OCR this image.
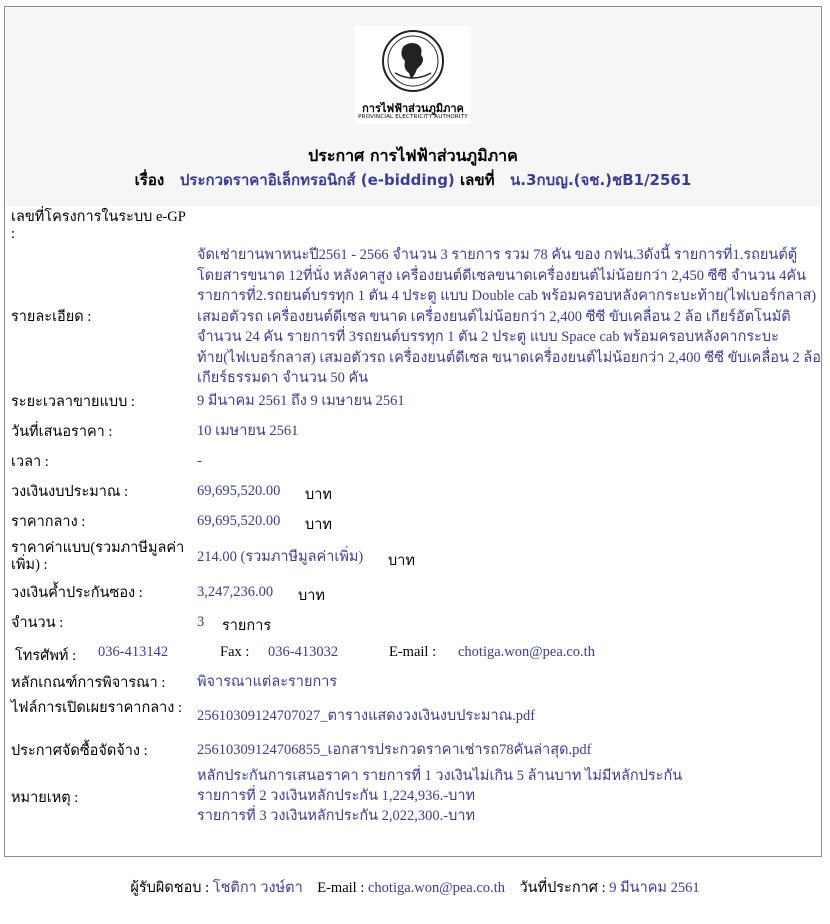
การไฟฟ้าส่วนภูมิภาค
PROVINCIAL ELECTRICITY AUTHORITY
ประกาศ การไฟฟ้าส่วนภูมิภาค
เรื่อง ประกวดราคาอิเล็กทรอนิกส์ (e-bidding) เลขที่ น.3กบญ.(จช.)ชB1/2561
เลขที่โครงการในระบบ e-GP :
รายละเอียด :
จัดเช่ายานพาหนะปี2561 - 2566 จำนวน 3 รายการ รวม 78 คัน ของ กฟน.3ดังนี้ รายการที่1.รถยนต์ตู้โดยสารขนาด 12ที่นั่ง หลังคาสูง เครื่องยนต์ดีเซลขนาดเครื่องยนต์ไม่น้อยกว่า 2,450 ซีซี จำนวน 4คัน รายการที่2.รถยนต์บรรทุก 1 ตัน 4 ประตู แบบ Double cab พร้อมครอบหลังคากระบะท้าย(ไฟเบอร์กลาส) เสมอตัวรถ เครื่องยนต์ดีเซล ขนาด เครื่องยนต์ไม่น้อยกว่า 2,400 ซีซี ขับเคลื่อน 2 ล้อ เกียร์อัตโนมัติ จำนวน 24 คัน รายการที่ 3รถยนต์บรรทุก 1 ตัน 2 ประตู แบบ Space cab พร้อมครอบหลังคากระบะท้าย(ไฟเบอร์กลาส) เสมอตัวรถ เครื่องยนต์ดีเซล ขนาดเครื่องยนต์ไม่น้อยกว่า 2,400 ซีซี ขับเคลื่อน 2 ล้อ เกียร์ธรรมดา จำนวน 50 คัน
ระยะเวลาขายแบบ :	9 มีนาคม 2561 ถึง 9 เมษายน 2561
วันที่เสนอราคา :	10 เมษายน 2561
เวลา :	-
วงเงินงบประมาณ :	69,695,520.00 บาท
ราคากลาง :	69,695,520.00 บาท
ราคาค่าแบบ(รวมภาษีมูลค่าเพิ่ม) :	214.00 (รวมภาษีมูลค่าเพิ่ม) บาท
วงเงินค้ำประกันซอง :	3,247,236.00 บาท
จำนวน :	3 รายการ
โทรศัพท์ : 036-413142	Fax : 036-413032	E-mail : chotiga.won@pea.co.th
หลักเกณฑ์การพิจารณา :	พิจารณาแต่ละรายการ
ไฟล์การเปิดเผยราคากลาง : 25610309124707027_ตารางแสดงวงเงินงบประมาณ.pdf
ประกาศจัดซื้อจัดจ้าง :	25610309124706855_เอกสารประกวดราคาเช่ารถ78คันล่าสุด.pdf
หมายเหตุ :
หลักประกันการเสนอราคา รายการที่ 1 วงเงินไม่เกิน 5 ล้านบาท ไม่มีหลักประกัน
รายการที่ 2 วงเงินหลักประกัน 1,224,936.-บาท
รายการที่ 3 วงเงินหลักประกัน 2,022,300.-บาท
ผู้รับผิดชอบ : โชติกา วงษ์ตา E-mail : chotiga.won@pea.co.th วันที่ประกาศ : 9 มีนาคม 2561
